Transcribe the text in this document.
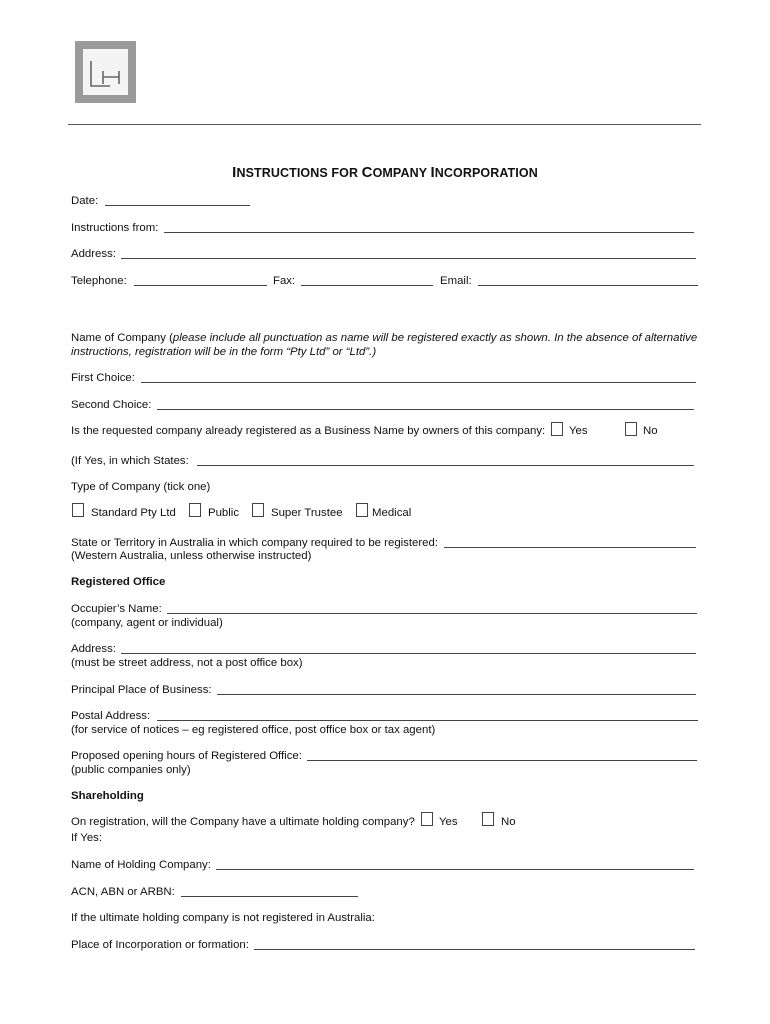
INSTRUCTIONS FOR COMPANY INCORPORATION
Date:
Instructions from:
Address:
Telephone:	Fax:	Email:
Name of Company (please include all punctuation as name will be registered exactly as shown. In the absence of alternative
instructions, registration will be in the form “Pty Ltd” or “Ltd”.)
First Choice:
Second Choice:
Is the requested company already registered as a Business Name by owners of this company: Yes	No
(If Yes, in which States:
Type of Company (tick one)
Standard Pty Ltd	Public	Super Trustee	Medical
State or Territory in Australia in which company required to be registered:
(Western Australia, unless otherwise instructed)
Registered Office
Occupier’s Name:
(company, agent or individual)
Address:
(must be street address, not a post office box)
Principal Place of Business:
Postal Address:
(for service of notices – eg registered office, post office box or tax agent)
Proposed opening hours of Registered Office:
(public companies only)
Shareholding
On registration, will the Company have a ultimate holding company? Yes	No
If Yes:
Name of Holding Company:
ACN, ABN or ARBN:
If the ultimate holding company is not registered in Australia:
Place of Incorporation or formation:
